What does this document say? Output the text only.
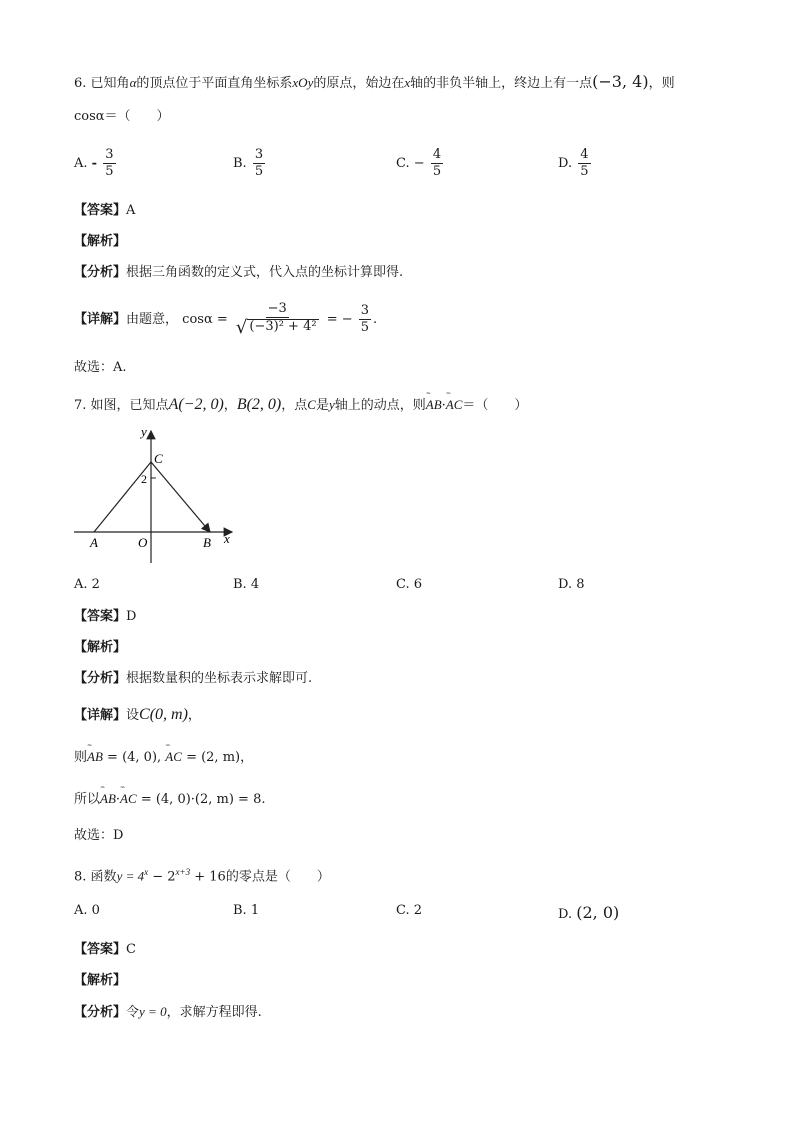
6. 已知角α的顶点位于平面直角坐标系xOy的原点，始边在x轴的非负半轴上，终边上有一点(−3, 4)，则
cosα＝（　　）
A. - $\frac{3}{5}$	B. $\frac{3}{5}$	C. − $\frac{4}{5}$	D. $\frac{4}{5}$
【答案】A
【解析】
【分析】根据三角函数的定义式，代入点的坐标计算即得.
【详解】由题意， $\cos\alpha = \frac{-3}{\text{√ (−3)² + 4²}}$ = − $\frac{3}{5}$ .
故选：A.
7. 如图，已知点A(−2, 0)，B(2, 0)，点C是y轴上的动点，则˜˜ AB·˜˜ AC＝（　　）
y
C
2
A	O	B x
A. 2	B. 4	C. 6	D. 8
【答案】D
【解析】
【分析】根据数量积的坐标表示求解即可.
【详解】设C(0, m)，
则˜˜ AB = (4, 0), ˜˜ AC = (2, m)，
所以˜˜ AB·˜˜ AC = (4, 0)·(2, m) = 8.
故选：D
8. 函数$y = 4^x - 2^{x+3} + 16$的零点是（　　）
A. 0	B. 1	C. 2	D. (2, 0)
【答案】C
【解析】
【分析】令y = 0，求解方程即得.
